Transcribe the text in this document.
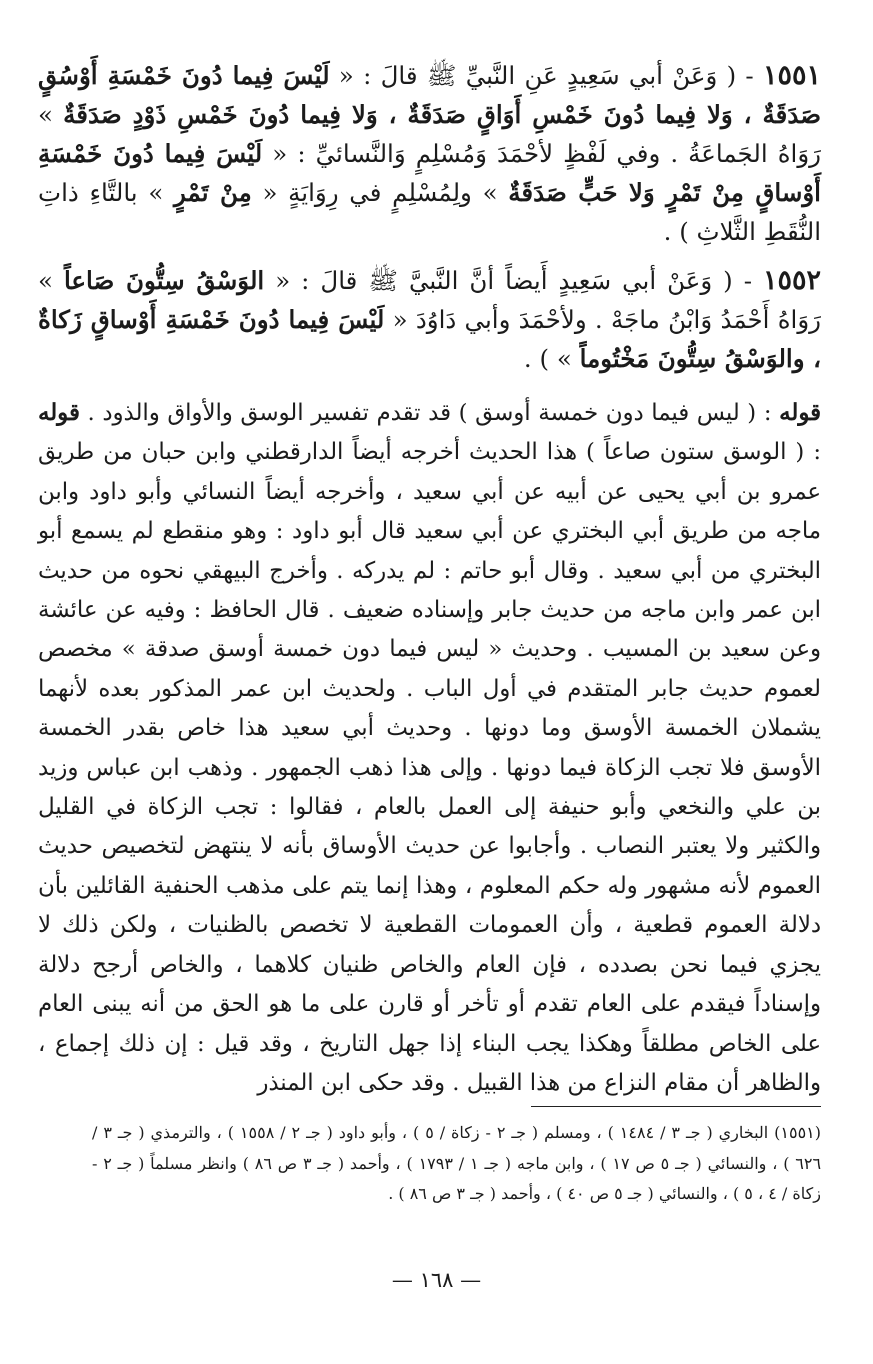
١٥٥١ - ( وَعَنْ أبي سَعِيدٍ عَنِ النَّبيِّ ﷺ قالَ : « لَيْسَ فِيما دُونَ خَمْسَةِ أَوْسُقٍ صَدَقَةٌ ، وَلا فِيما دُونَ خَمْسِ أَوَاقٍ صَدَقَةٌ ، وَلا فِيما دُونَ خَمْسِ ذَوْدٍ صَدَقَةٌ » رَوَاهُ الجَماعَةُ . وفي لَفْظٍ لأحْمَدَ وَمُسْلِمٍ وَالنَّسائيِّ : « لَيْسَ فِيما دُونَ خَمْسَةِ أَوْساقٍ مِنْ تَمْرٍ وَلا حَبٍّ صَدَقَةٌ » ولِمُسْلِمٍ في رِوَايَةٍ « مِنْ تَمْرٍ » بالتَّاءِ ذاتِ النُّقَطِ الثَّلاثِ ) .

١٥٥٢ - ( وَعَنْ أبي سَعِيدٍ أَيضاً أنَّ النَّبيَّ ﷺ قالَ : « الوَسْقُ سِتُّونَ صَاعاً » رَوَاهُ أَحْمَدُ وَابْنُ ماجَهْ . ولأحْمَدَ وأبي دَاوُدَ « لَيْسَ فِيما دُونَ خَمْسَةِ أَوْساقٍ زَكاةٌ ، والوَسْقُ سِتُّونَ مَخْتُوماً » ) .

قوله : ( ليس فيما دون خمسة أوسق ) قد تقدم تفسير الوسق والأواق والذود . قوله : ( الوسق ستون صاعاً ) هذا الحديث أخرجه أيضاً الدارقطني وابن حبان من طريق عمرو بن أبي يحيى عن أبيه عن أبي سعيد ، وأخرجه أيضاً النسائي وأبو داود وابن ماجه من طريق أبي البختري عن أبي سعيد قال أبو داود : وهو منقطع لم يسمع أبو البختري من أبي سعيد . وقال أبو حاتم : لم يدركه . وأخرج البيهقي نحوه من حديث ابن عمر وابن ماجه من حديث جابر وإسناده ضعيف . قال الحافظ : وفيه عن عائشة وعن سعيد بن المسيب . وحديث « ليس فيما دون خمسة أوسق صدقة » مخصص لعموم حديث جابر المتقدم في أول الباب . ولحديث ابن عمر المذكور بعده لأنهما يشملان الخمسة الأوسق وما دونها . وحديث أبي سعيد هذا خاص بقدر الخمسة الأوسق فلا تجب الزكاة فيما دونها . وإلى هذا ذهب الجمهور . وذهب ابن عباس وزيد بن علي والنخعي وأبو حنيفة إلى العمل بالعام ، فقالوا : تجب الزكاة في القليل والكثير ولا يعتبر النصاب . وأجابوا عن حديث الأوساق بأنه لا ينتهض لتخصيص حديث العموم لأنه مشهور وله حكم المعلوم ، وهذا إنما يتم على مذهب الحنفية القائلين بأن دلالة العموم قطعية ، وأن العمومات القطعية لا تخصص بالظنيات ، ولكن ذلك لا يجزي فيما نحن بصدده ، فإن العام والخاص ظنيان كلاهما ، والخاص أرجح دلالة وإسناداً فيقدم على العام تقدم أو تأخر أو قارن على ما هو الحق من أنه يبنى العام على الخاص مطلقاً وهكذا يجب البناء إذا جهل التاريخ ، وقد قيل : إن ذلك إجماع ، والظاهر أن مقام النزاع من هذا القبيل . وقد حكى ابن المنذر

(١٥٥١) البخاري ( جـ ٣ / ١٤٨٤ ) ، ومسلم ( جـ ٢ - زكاة / ٥ ) ، وأبو داود ( جـ ٢ / ١٥٥٨ ) ، والترمذي ( جـ ٣ / ٦٢٦ ) ، والنسائي ( جـ ٥ ص ١٧ ) ، وابن ماجه ( جـ ١ / ١٧٩٣ ) ، وأحمد ( جـ ٣ ص ٨٦ ) وانظر مسلماً ( جـ ٢ - زكاة / ٤ ، ٥ ) ، والنسائي ( جـ ٥ ص ٤٠ ) ، وأحمد ( جـ ٣ ص ٨٦ ) .
— ١٦٨ —
